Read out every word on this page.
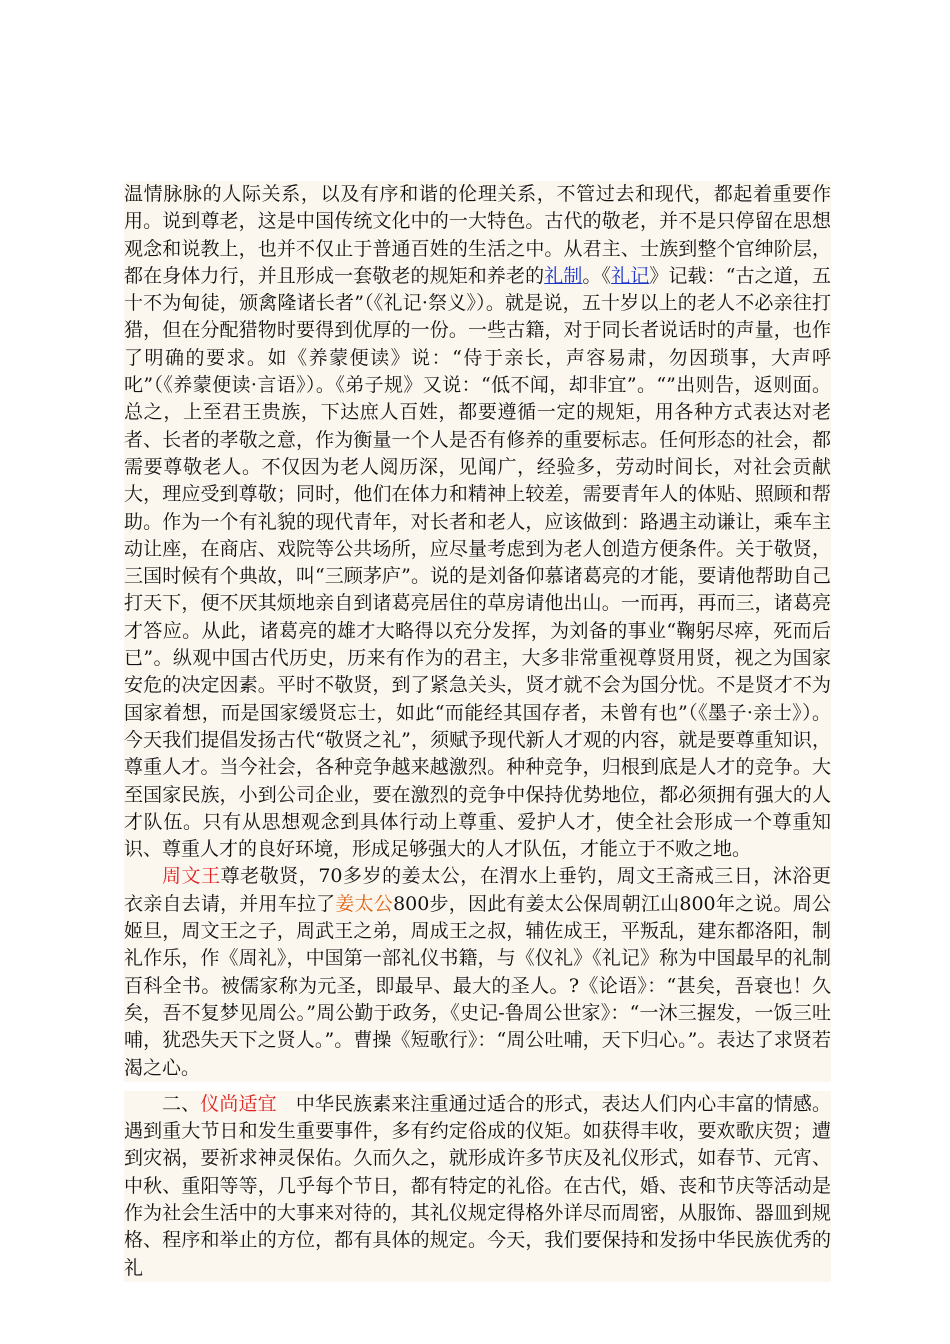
温情脉脉的人际关系，以及有序和谐的伦理关系，不管过去和现代，都起着重要作用。说到尊老，这是中国传统文化中的一大特色。古代的敬老，并不是只停留在思想观念和说教上，也并不仅止于普通百姓的生活之中。从君主、士族到整个官绅阶层，都在身体力行，并且形成一套敬老的规矩和养老的礼制。《礼记》记载：“古之道，五十不为甸徒，颁禽隆诸长者”（《礼记·祭义》）。就是说，五十岁以上的老人不必亲往打猎，但在分配猎物时要得到优厚的一份。一些古籍，对于同长者说话时的声量，也作了明确的要求。如《养蒙便读》说：“侍于亲长，声容易肃，勿因琐事，大声呼叱”（《养蒙便读·言语》）。《弟子规》又说：“低不闻，却非宜”。“”出则告，返则面。总之，上至君王贵族，下达庶人百姓，都要遵循一定的规矩，用各种方式表达对老者、长者的孝敬之意，作为衡量一个人是否有修养的重要标志。任何形态的社会，都需要尊敬老人。不仅因为老人阅历深，见闻广，经验多，劳动时间长，对社会贡献大，理应受到尊敬；同时，他们在体力和精神上较差，需要青年人的体贴、照顾和帮助。作为一个有礼貌的现代青年，对长者和老人，应该做到：路遇主动谦让，乘车主动让座，在商店、戏院等公共场所，应尽量考虑到为老人创造方便条件。关于敬贤，三国时候有个典故，叫“三顾茅庐”。说的是刘备仰慕诸葛亮的才能，要请他帮助自己打天下，便不厌其烦地亲自到诸葛亮居住的草房请他出山。一而再，再而三，诸葛亮才答应。从此，诸葛亮的雄才大略得以充分发挥，为刘备的事业“鞠躬尽瘁，死而后已”。纵观中国古代历史，历来有作为的君主，大多非常重视尊贤用贤，视之为国家安危的决定因素。平时不敬贤，到了紧急关头，贤才就不会为国分忧。不是贤才不为国家着想，而是国家缓贤忘士，如此“而能经其国存者，未曾有也”（《墨子·亲士》）。今天我们提倡发扬古代“敬贤之礼”，须赋予现代新人才观的内容，就是要尊重知识，尊重人才。当今社会，各种竞争越来越激烈。种种竞争，归根到底是人才的竞争。大至国家民族，小到公司企业，要在激烈的竞争中保持优势地位，都必须拥有强大的人才队伍。只有从思想观念到具体行动上尊重、爱护人才，使全社会形成一个尊重知识、尊重人才的良好环境，形成足够强大的人才队伍，才能立于不败之地。

周文王尊老敬贤，70多岁的姜太公，在渭水上垂钓，周文王斋戒三日，沐浴更衣亲自去请，并用车拉了姜太公800步，因此有姜太公保周朝江山800年之说。周公姬旦，周文王之子，周武王之弟，周成王之叔，辅佐成王，平叛乱，建东都洛阳，制礼作乐，作《周礼》，中国第一部礼仪书籍，与《仪礼》《礼记》称为中国最早的礼制百科全书。被儒家称为元圣，即最早、最大的圣人。?《论语》：“甚矣，吾衰也！久矣，吾不复梦见周公。”周公勤于政务，《史记-鲁周公世家》：“一沐三握发，一饭三吐哺，犹恐失天下之贤人。”。曹操《短歌行》：“周公吐哺，天下归心。”。表达了求贤若渴之心。

二、仪尚适宜　 中华民族素来注重通过适合的形式，表达人们内心丰富的情感。遇到重大节日和发生重要事件，多有约定俗成的仪矩。如获得丰收，要欢歌庆贺；遭到灾祸，要祈求神灵保佑。久而久之，就形成许多节庆及礼仪形式，如春节、元宵、中秋、重阳等等，几乎每个节日，都有特定的礼俗。在古代，婚、丧和节庆等活动是作为社会生活中的大事来对待的，其礼仪规定得格外详尽而周密，从服饰、器皿到规格、程序和举止的方位，都有具体的规定。今天，我们要保持和发扬中华民族优秀的礼
